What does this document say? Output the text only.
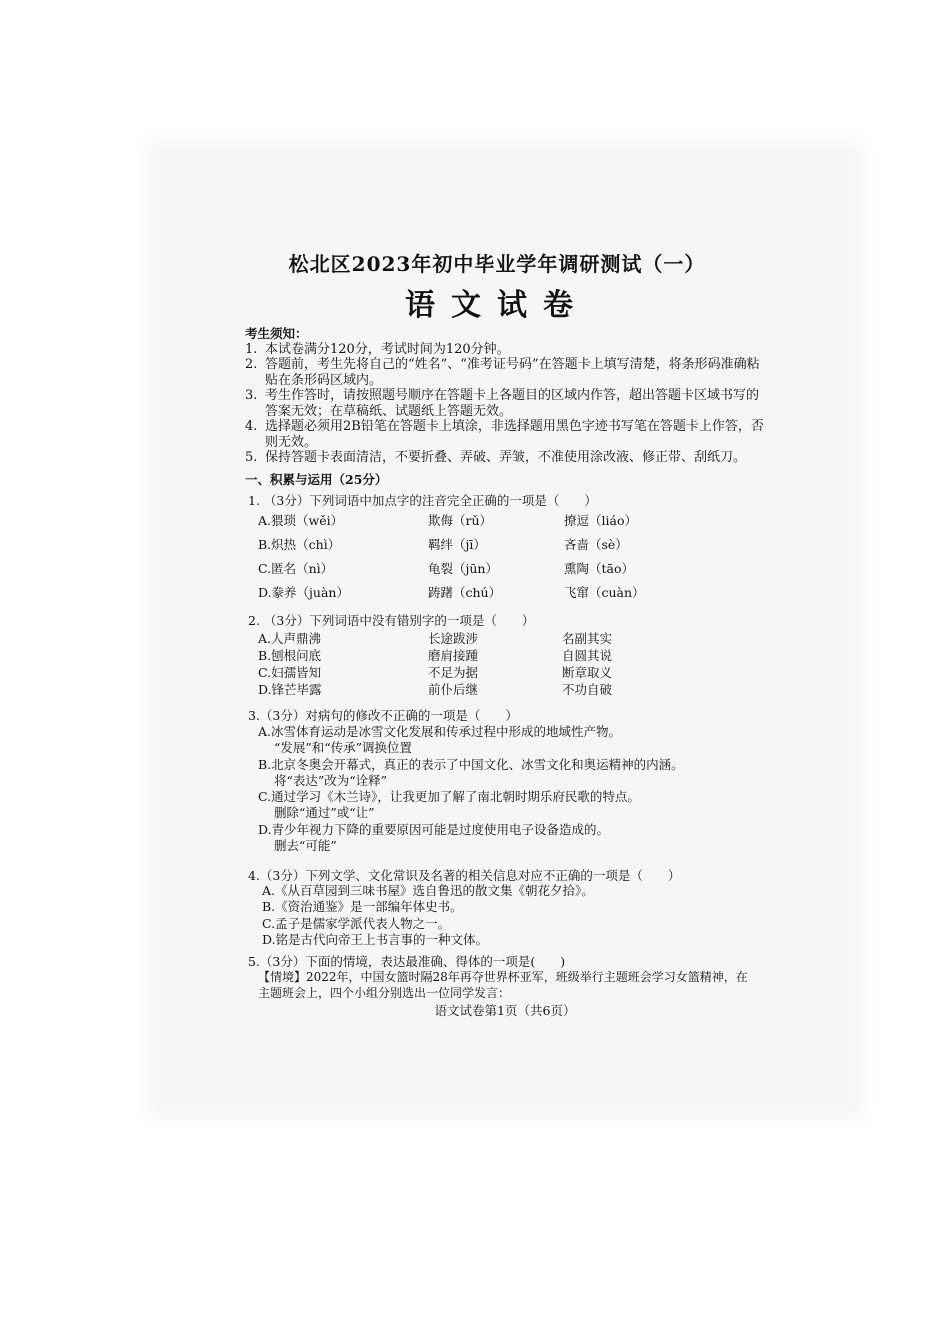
松北区2023年初中毕业学年调研测试（一）
语文试卷
考生须知：
1. 本试卷满分120分，考试时间为120分钟。
2. 答题前，考生先将自己的“姓名”、“准考证号码”在答题卡上填写清楚，将条形码准确粘贴在条形码区域内。
3. 考生作答时，请按照题号顺序在答题卡上各题目的区域内作答，超出答题卡区域书写的答案无效；在草稿纸、试题纸上答题无效。
4. 选择题必须用2B铅笔在答题卡上填涂，非选择题用黑色字迹书写笔在答题卡上作答，否则无效。
5. 保持答题卡表面清洁，不要折叠、弄破、弄皱，不准使用涂改液、修正带、刮纸刀。
一、积累与运用（25分）
1. （3分）下列词语中加点字的注音完全正确的一项是（　　）
A.猥琐（wěi）	欺侮（rǔ）	撩逗（liáo）
B.炽热（chì）	羁绊（jī）	吝啬（sè）
C.匿名（nì）	龟裂（jūn）	熏陶（tāo）
D.豢养（juàn）	踌躇（chú）	飞窜（cuàn）
2. （3分）下列词语中没有错别字的一项是（　　）
A.人声鼎沸	长途跋涉	名副其实
B.刨根问底	磨肩接踵	自圆其说
C.妇孺皆知	不足为据	断章取义
D.锋芒毕露	前仆后继	不功自破
3.（3分）对病句的修改不正确的一项是（　　）
A.冰雪体育运动是冰雪文化发展和传承过程中形成的地域性产物。
“发展”和“传承”调换位置
B.北京冬奥会开幕式，真正的表示了中国文化、冰雪文化和奥运精神的内涵。
将“表达”改为“诠释”
C.通过学习《木兰诗》，让我更加了解了南北朝时期乐府民歌的特点。
删除“通过”或“让”
D.青少年视力下降的重要原因可能是过度使用电子设备造成的。
删去“可能”
4.（3分）下列文学、文化常识及名著的相关信息对应不正确的一项是（　　）
A.《从百草园到三味书屋》选自鲁迅的散文集《朝花夕拾》。
B.《资治通鉴》是一部编年体史书。
C.孟子是儒家学派代表人物之一。
D.铭是古代向帝王上书言事的一种文体。
5.（3分）下面的情境，表达最准确、得体的一项是(　　)
【情境】2022年，中国女篮时隔28年再夺世界杯亚军，班级举行主题班会学习女篮精神，在主题班会上，四个小组分别选出一位同学发言：
语文试卷第1页（共6页）
